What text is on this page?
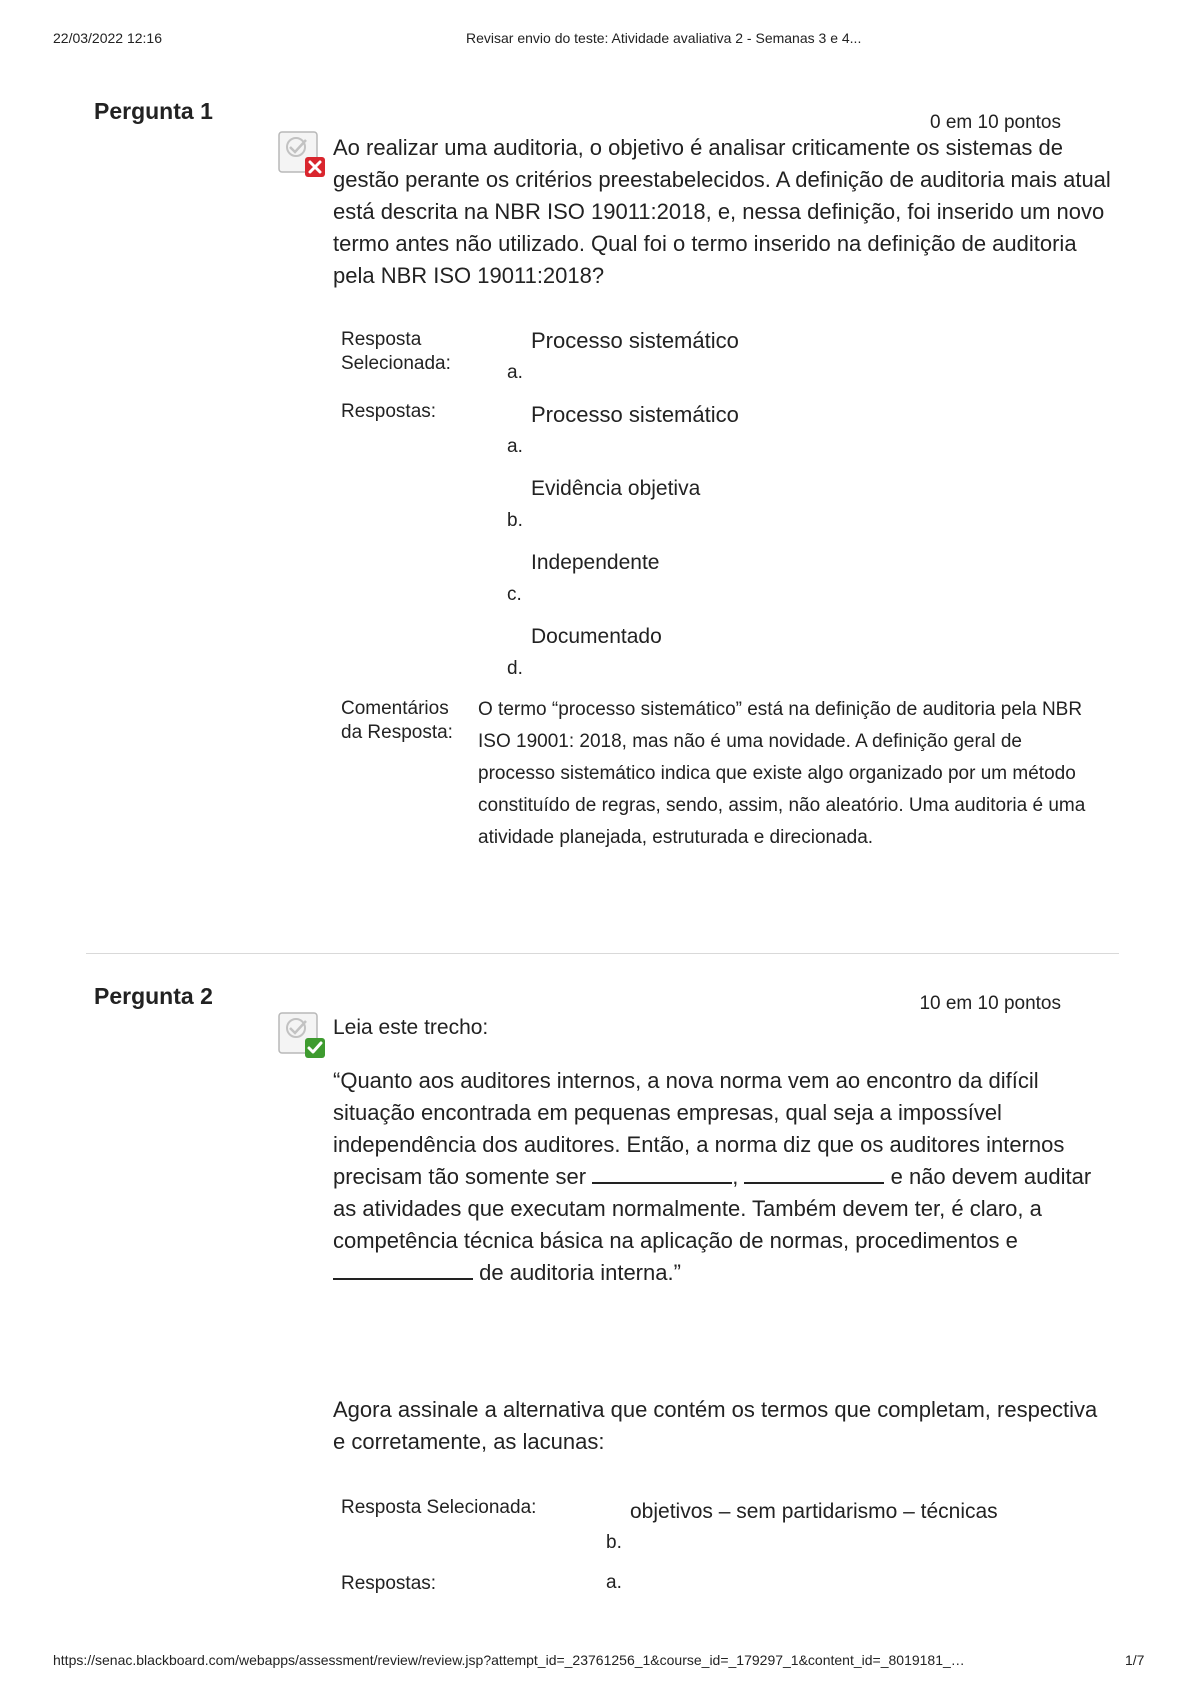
22/03/2022 12:16	Revisar envio do teste: Atividade avaliativa 2 - Semanas 3 e 4...
Pergunta 1	0 em 10 pontos
Ao realizar uma auditoria, o objetivo é analisar criticamente os sistemas de gestão perante os critérios preestabelecidos. A definição de auditoria mais atual está descrita na NBR ISO 19011:2018, e, nessa definição, foi inserido um novo termo antes não utilizado. Qual foi o termo inserido na definição de auditoria pela NBR ISO 19011:2018?
Resposta Selecionada:
Processo sistemático
a.
Respostas:	Processo sistemático
a.
Evidência objetiva
b.
Independente
c.
Documentado
d.
Comentários da Resposta:
O termo “processo sistemático” está na definição de auditoria pela NBR ISO 19001: 2018, mas não é uma novidade. A definição geral de processo sistemático indica que existe algo organizado por um método constituído de regras, sendo, assim, não aleatório. Uma auditoria é uma atividade planejada, estruturada e direcionada.
Pergunta 2	10 em 10 pontos
Leia este trecho:
“Quanto aos auditores internos, a nova norma vem ao encontro da difícil situação encontrada em pequenas empresas, qual seja a impossível independência dos auditores. Então, a norma diz que os auditores internos precisam tão somente ser	,	e não devem auditar as atividades que executam normalmente. Também devem ter, é claro, a competência técnica básica na aplicação de normas, procedimentos e  de auditoria interna.”
Agora assinale a alternativa que contém os termos que completam, respectiva e corretamente, as lacunas:
Resposta Selecionada:	objetivos – sem partidarismo – técnicas
b.
Respostas:	a.
https://senac.blackboard.com/webapps/assessment/review/review.jsp?attempt_id=_23761256_1&course_id=_179297_1&content_id=_8019181_…	1/7
